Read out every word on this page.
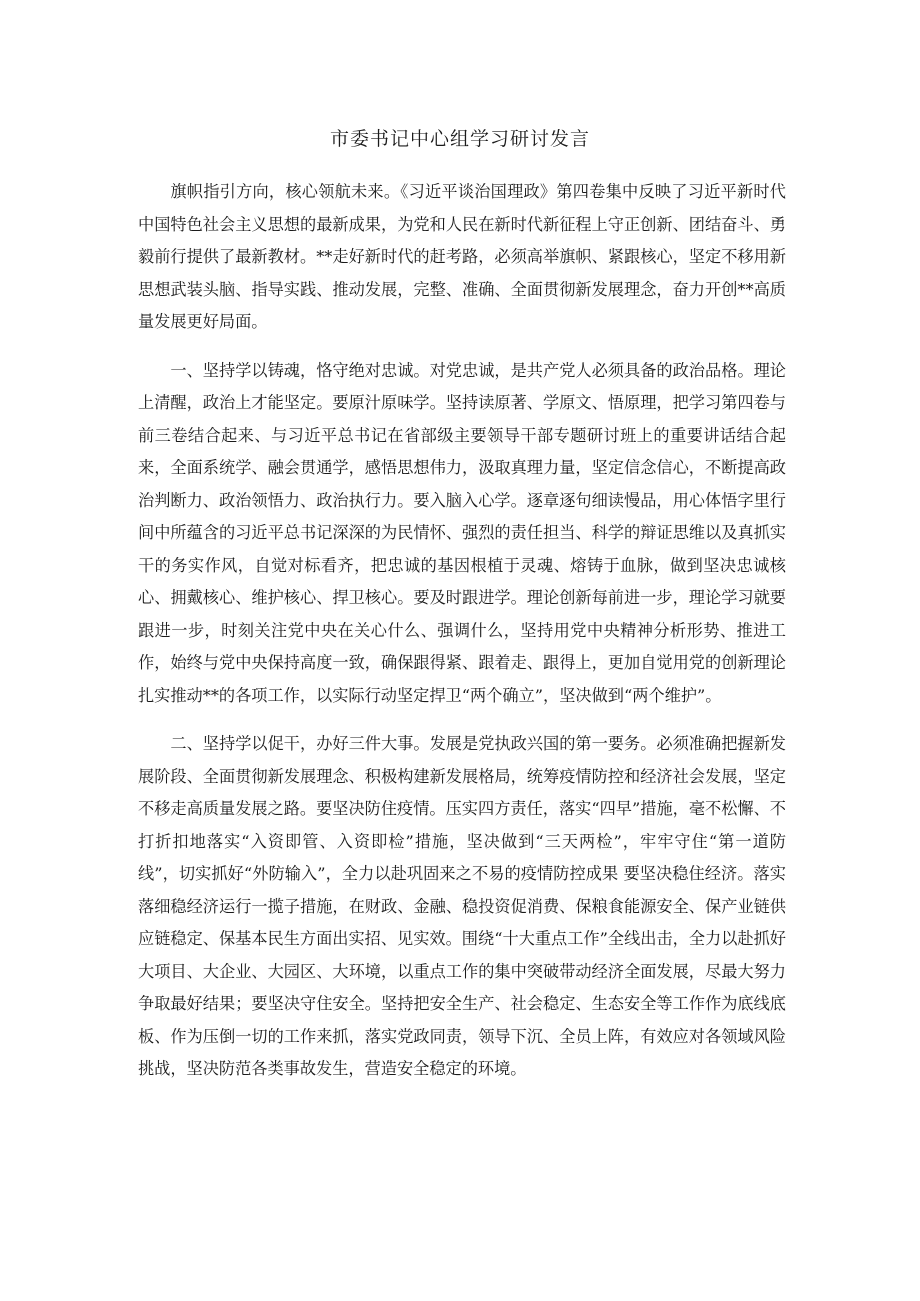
市委书记中心组学习研讨发言

旗帜指引方向，核心领航未来。《习近平谈治国理政》第四卷集中反映了习近平新时代中国特色社会主义思想的最新成果，为党和人民在新时代新征程上守正创新、团结奋斗、勇毅前行提供了最新教材。**走好新时代的赶考路，必须高举旗帜、紧跟核心，坚定不移用新思想武装头脑、指导实践、推动发展，完整、准确、全面贯彻新发展理念，奋力开创**高质量发展更好局面。

一、坚持学以铸魂，恪守绝对忠诚。对党忠诚，是共产党人必须具备的政治品格。理论上清醒，政治上才能坚定。要原汁原味学。坚持读原著、学原文、悟原理，把学习第四卷与前三卷结合起来、与习近平总书记在省部级主要领导干部专题研讨班上的重要讲话结合起来，全面系统学、融会贯通学，感悟思想伟力，汲取真理力量，坚定信念信心，不断提高政治判断力、政治领悟力、政治执行力。要入脑入心学。逐章逐句细读慢品，用心体悟字里行间中所蕴含的习近平总书记深深的为民情怀、强烈的责任担当、科学的辩证思维以及真抓实干的务实作风，自觉对标看齐，把忠诚的基因根植于灵魂、熔铸于血脉，做到坚决忠诚核心、拥戴核心、维护核心、捍卫核心。要及时跟进学。理论创新每前进一步，理论学习就要跟进一步，时刻关注党中央在关心什么、强调什么，坚持用党中央精神分析形势、推进工作，始终与党中央保持高度一致，确保跟得紧、跟着走、跟得上，更加自觉用党的创新理论扎实推动**的各项工作，以实际行动坚定捍卫“两个确立”，坚决做到“两个维护”。

二、坚持学以促干，办好三件大事。发展是党执政兴国的第一要务。必须准确把握新发展阶段、全面贯彻新发展理念、积极构建新发展格局，统筹疫情防控和经济社会发展，坚定不移走高质量发展之路。要坚决防住疫情。压实四方责任，落实“四早”措施，毫不松懈、不打折扣地落实“入资即管、入资即检”措施，坚决做到“三天两检”，牢牢守住“第一道防线”，切实抓好“外防输入”，全力以赴巩固来之不易的疫情防控成果 要坚决稳住经济。落实落细稳经济运行一揽子措施，在财政、金融、稳投资促消费、保粮食能源安全、保产业链供应链稳定、保基本民生方面出实招、见实效。围绕“十大重点工作”全线出击，全力以赴抓好大项目、大企业、大园区、大环境，以重点工作的集中突破带动经济全面发展，尽最大努力争取最好结果；要坚决守住安全。坚持把安全生产、社会稳定、生态安全等工作作为底线底板、作为压倒一切的工作来抓，落实党政同责，领导下沉、全员上阵，有效应对各领域风险挑战，坚决防范各类事故发生，营造安全稳定的环境。
